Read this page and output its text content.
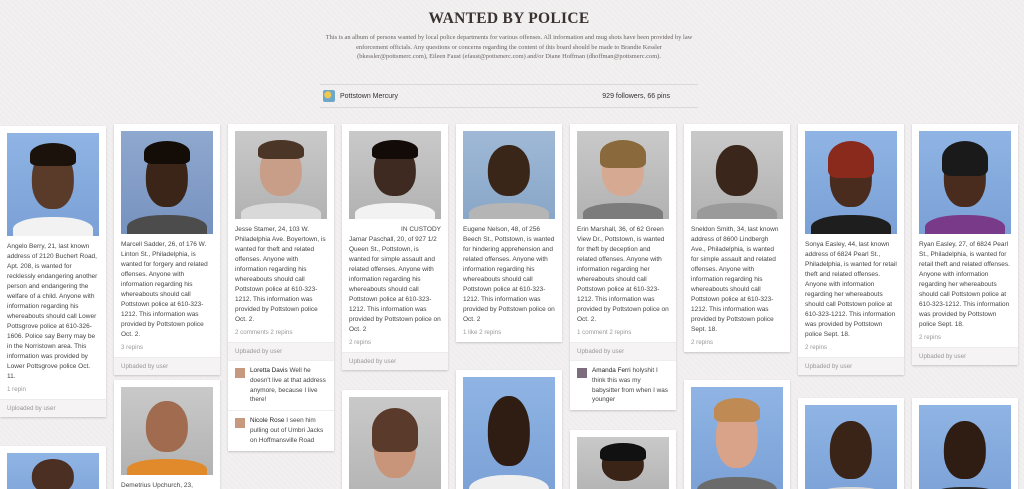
WANTED BY POLICE

This is an album of persons wanted by local police departments for various offenses. All information and mug shots have been provided by law enforcement officials. Any questions or concerns regarding the content of this board should be made to Brandie Kessler (bkessler@pottsmerc.com), Eileen Faust (efaust@pottsmerc.com) and/or Diane Hoffman (dhoffman@pottsmerc.com).

Pottstown Mercury	929 followers, 66 pins

Angelo Berry, 21, last known address of 2120 Buchert Road, Apt. 208, is wanted for recklessly endangering another person and endangering the welfare of a child. Anyone with information regarding his whereabouts should call Lower Pottsgrove police at 610-326-1606. Police say Berry may be in the Norristown area. This information was provided by Lower Pottsgrove police Oct. 11.

1 repin
Uploaded by user

Marcell Sadder, 26, of 176 W. Linton St., Philadelphia, is wanted for forgery and related offenses. Anyone with information regarding his whereabouts should call Pottstown police at 610-323-1212. This information was provided by Pottstown police Oct. 2.

3 repins
Upbaded by user

Demetrius Upchurch, 23,

Jesse Stamer, 24, 103 W. Philadelphia Ave. Boyertown, is wanted for theft and related offenses. Anyone with information regarding his whereabouts should call Pottstown police at 610-323-1212. This information was provided by Pottstown police Oct. 2.

2 comments 2 repins
Upbaded by user
Loretta Davis Well he doesn't live at that address anymore, because I live there!
Nicole Rose I seen him pulling out of Umbri Jacks on Hoffmansville Road

IN CUSTODY
Jamar Paschall, 20, of 927 1/2 Queen St., Pottstown, is wanted for simple assault and related offenses. Anyone with information regarding his whereabouts should call Pottstown police at 610-323-1212. This information was provided by Pottstown police on Oct. 2

2 repins
Upbaded by user

Eugene Nelson, 48, of 256 Beech St., Pottstown, is wanted for hindering apprehension and related offenses. Anyone with information regarding his whereabouts should call Pottstown police at 610-323-1212. This information was provided by Pottstown police on Oct. 2

1 like 2 repins

Erin Marshall, 36, of 62 Green View Dr., Pottstown, is wanted for theft by deception and related offenses. Anyone with information regarding her whereabouts should call Pottstown police at 610-323-1212. This information was provided by Pottstown police on Oct. 2.

1 comment 2 repins
Upbaded by user
Amanda Ferri holyshit I think this was my babysitter from when I was younger

Sneldon Smith, 34, last known address of 8600 Lindbergh Ave., Philadelphia, is wanted for simple assault and related offenses. Anyone with information regarding his whereabouts should call Pottstown police at 610-323-1212. This information was provided by Pottstown police Sept. 18.

2 repins

Sonya Easley, 44, last known address of 6824 Pearl St., Philadelphia, is wanted for retail theft and related offenses. Anyone with information regarding her whereabouts should call Pottstown police at 610-323-1212. This information was provided by Pottstown police Sept. 18.

2 repins
Upbaded by user

Ryan Easley, 27, of 6824 Pearl St., Philadelphia, is wanted for retail theft and related offenses. Anyone with information regarding her whereabouts should call Pottstown police at 610-323-1212. This information was provided by Pottstown police Sept. 18.

2 repins
Upbaded by user
